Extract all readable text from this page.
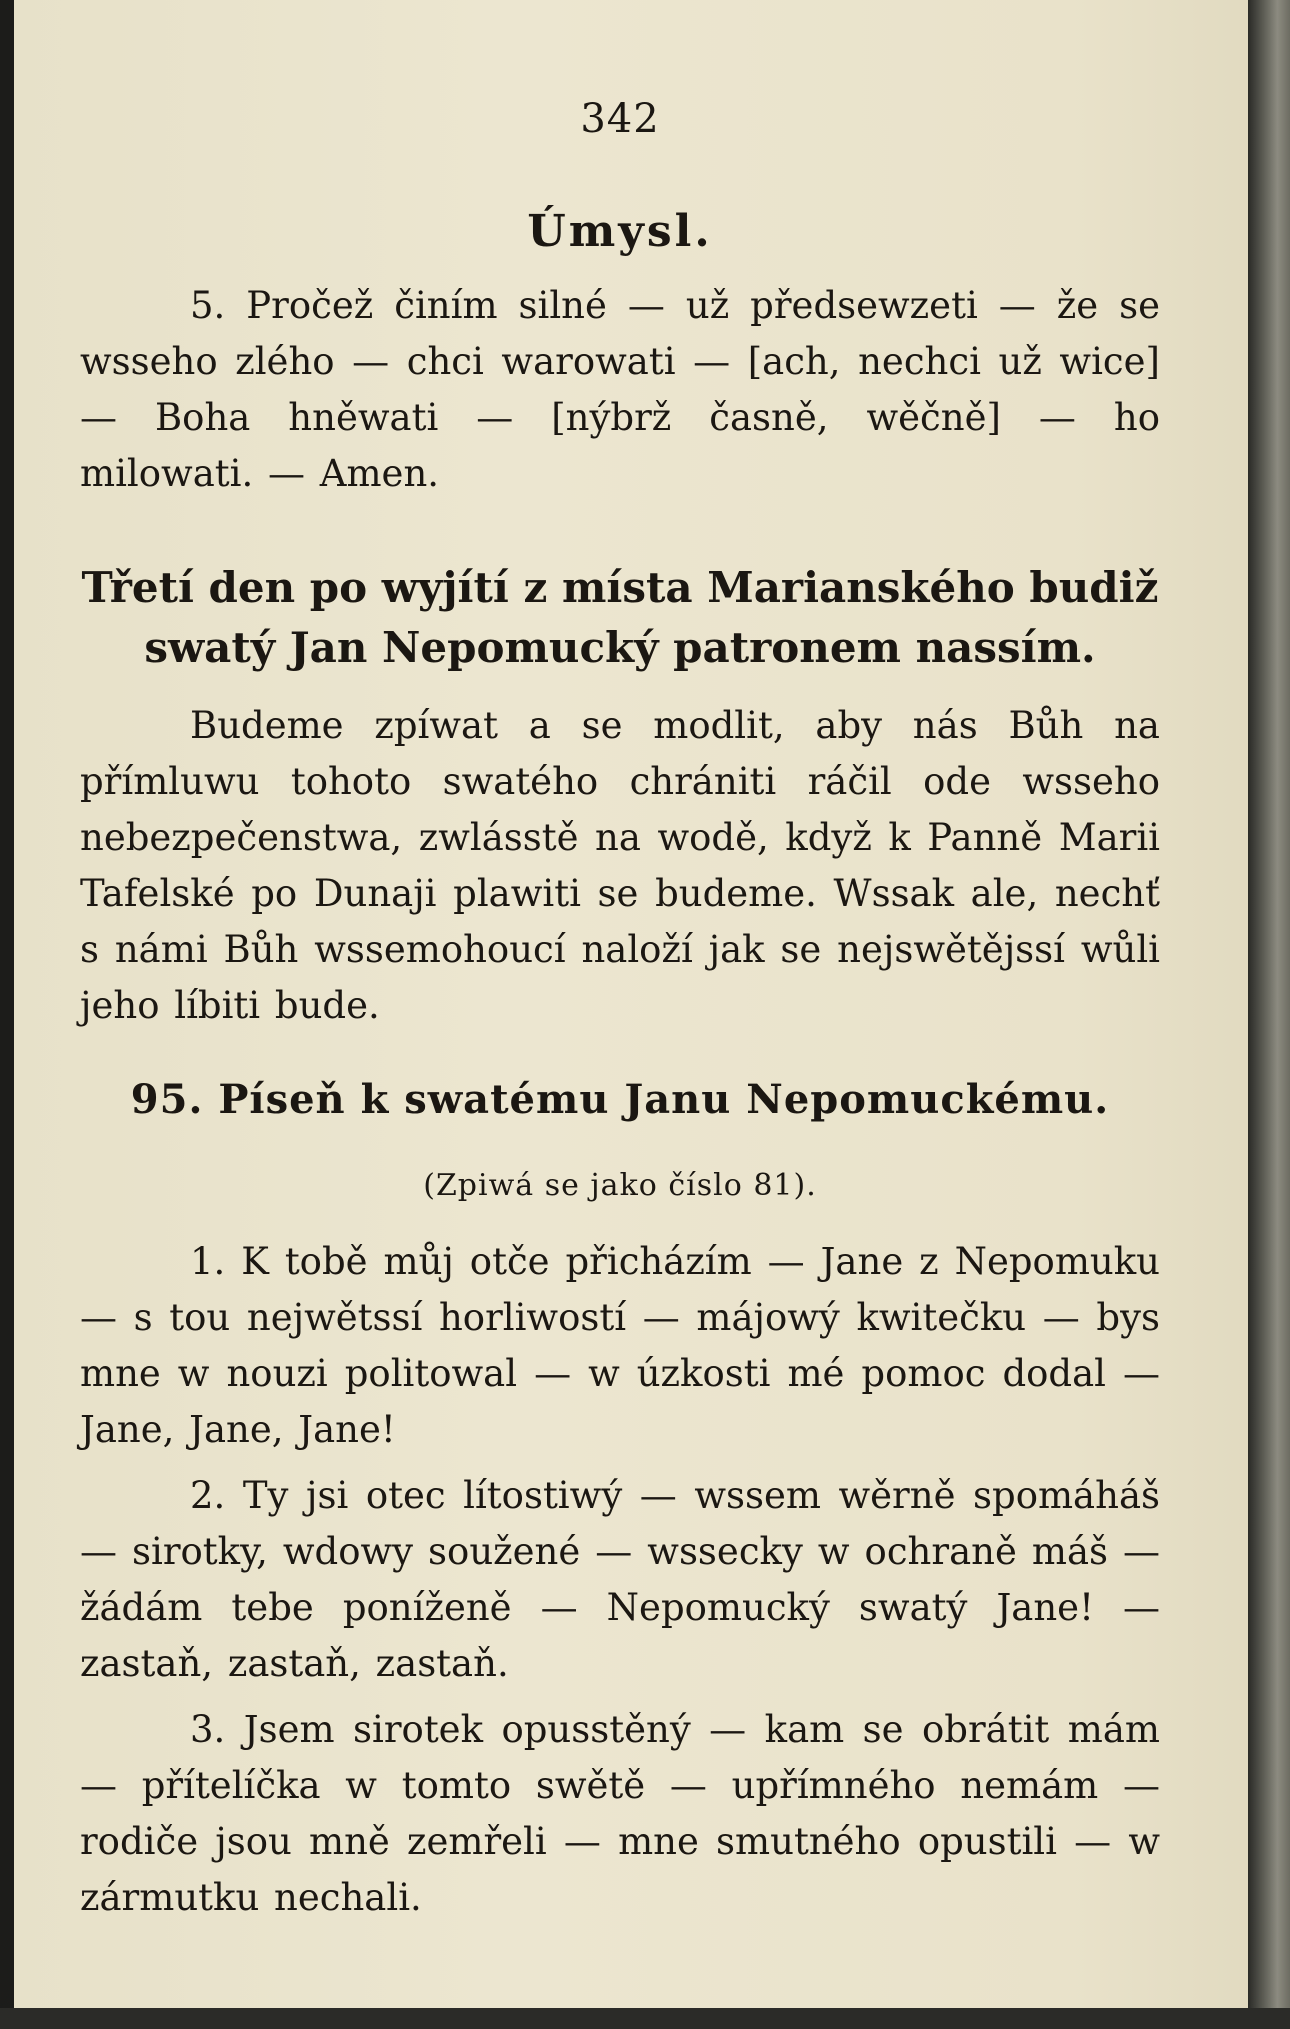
342
Úmysl.
5. Pročež činím silné — už předsewzeti — že se wsseho zlého — chci warowati — [ach, nechci už wice] — Boha hněwati — [nýbrž časně, wěčně] — ho milowati. — Amen.
Třetí den po wyjítí z místa Marianského budiž swatý Jan Nepomucký patronem nassím.
Budeme zpíwat a se modlit, aby nás Bůh na přímluwu tohoto swatého chrániti ráčil ode wsseho nebezpečenstwa, zwlásstě na wodě, když k Panně Marii Tafelské po Dunaji plawiti se budeme. Wssak ale, nechť s námi Bůh wssemohoucí naloží jak se nejswětějssí wůli jeho líbiti bude.
95. Píseň k swatému Janu Nepomuckému.
(Zpiwá se jako číslo 81).
1. K tobě můj otče přicházím — Jane z Nepomuku — s tou nejwětssí horliwostí — májowý kwitečku — bys mne w nouzi politowal — w úzkosti mé pomoc dodal — Jane, Jane, Jane!
2. Ty jsi otec lítostiwý — wssem wěrně spomáháš — sirotky, wdowy soužené — wssecky w ochraně máš — žádám tebe poníženě — Nepomucký swatý Jane! — zastaň, zastaň, zastaň.
3. Jsem sirotek opusstěný — kam se obrátit mám — přítelíčka w tomto swětě — upřímného nemám — rodiče jsou mně zemřeli — mne smutného opustili — w zármutku nechali.
